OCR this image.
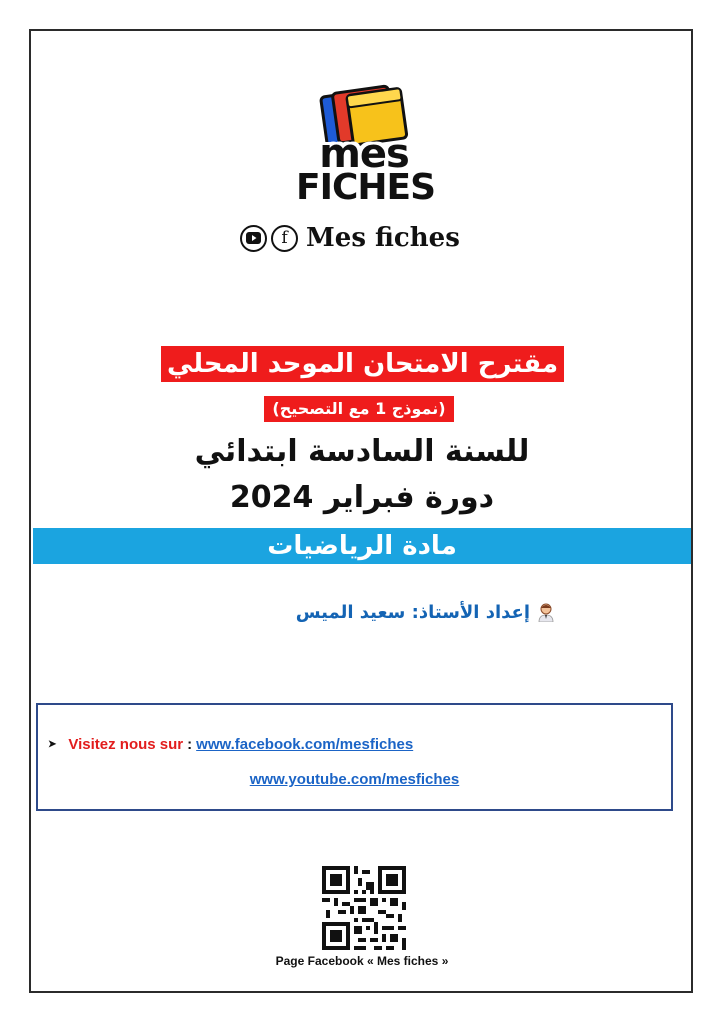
mes
FICHES
f Mes fiches
مقترح الامتحان الموحد المحلي
(نموذج 1 مع التصحيح)
للسنة السادسة ابتدائي
دورة فبراير 2024
مادة الرياضيات
إعداد الأستاذ: سعيد الميس
➤ Visitez nous sur : www.facebook.com/mesfiches
www.youtube.com/mesfiches
Page Facebook « Mes fiches »
